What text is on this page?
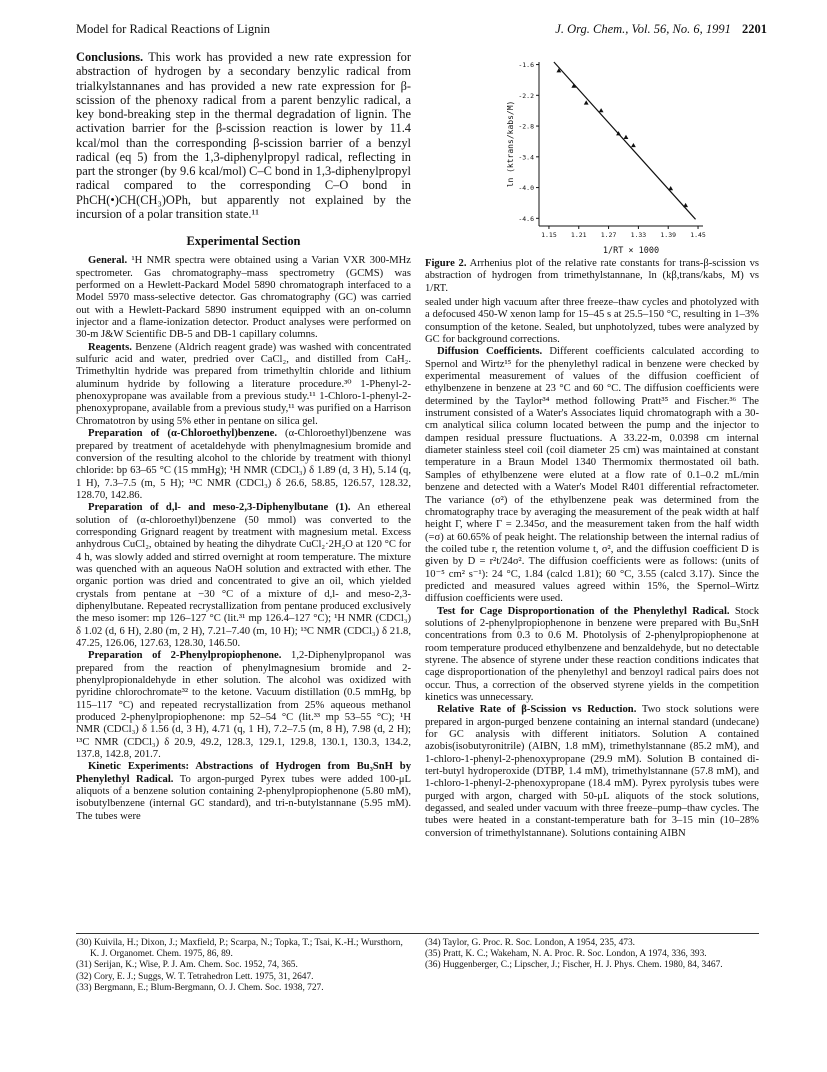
Model for Radical Reactions of Lignin	J. Org. Chem., Vol. 56, No. 6, 1991 2201

Conclusions. This work has provided a new rate expression for abstraction of hydrogen by a secondary benzylic radical from trialkylstannanes and has provided a new rate expression for β-scission of the phenoxy radical from a parent benzylic radical, a key bond-breaking step in the thermal degradation of lignin. The activation barrier for the β-scission reaction is lower by 11.4 kcal/mol than the corresponding β-scission barrier of a benzyl radical (eq 5) from the 1,3-diphenylpropyl radical, reflecting in part the stronger (by 9.6 kcal/mol) C–C bond in 1,3-diphenylpropyl radical compared to the corresponding C–O bond in PhCH(•)CH(CH₃)OPh, but apparently not explained by the incursion of a polar transition state.¹¹

Experimental Section

General. ¹H NMR spectra were obtained using a Varian VXR 300-MHz spectrometer. Gas chromatography–mass spectrometry (GCMS) was performed on a Hewlett-Packard Model 5890 chromatograph interfaced to a Model 5970 mass-selective detector. Gas chromatography (GC) was carried out with a Hewlett-Packard 5890 instrument equipped with an on-column injector and a flame-ionization detector. Product analyses were performed on 30-m J&W Scientific DB-5 and DB-1 capillary columns.

Reagents. Benzene (Aldrich reagent grade) was washed with concentrated sulfuric acid and water, predried over CaCl₂, and distilled from CaH₂. Trimethyltin hydride was prepared from trimethyltin chloride and lithium aluminum hydride by following a literature procedure.³⁰ 1-Phenyl-2-phenoxypropane was available from a previous study.¹¹ 1-Chloro-1-phenyl-2-phenoxypropane, available from a previous study,¹¹ was purified on a Harrison Chromatotron by using 5% ether in pentane on silica gel.

Preparation of (α-Chloroethyl)benzene. (α-Chloroethyl)benzene was prepared by treatment of acetaldehyde with phenylmagnesium bromide and conversion of the resulting alcohol to the chloride by treatment with thionyl chloride: bp 63–65 °C (15 mmHg); ¹H NMR (CDCl₃) δ 1.89 (d, 3 H), 5.14 (q, 1 H), 7.3–7.5 (m, 5 H); ¹³C NMR (CDCl₃) δ 26.6, 58.85, 126.57, 128.32, 128.70, 142.86.

Preparation of d,l- and meso-2,3-Diphenylbutane (1). An ethereal solution of (α-chloroethyl)benzene (50 mmol) was converted to the corresponding Grignard reagent by treatment with magnesium metal. Excess anhydrous CuCl₂, obtained by heating the dihydrate CuCl₂·2H₂O at 120 °C for 4 h, was slowly added and stirred overnight at room temperature. The mixture was quenched with an aqueous NaOH solution and extracted with ether. The organic portion was dried and concentrated to give an oil, which yielded crystals from pentane at −30 °C of a mixture of d,l- and meso-2,3-diphenylbutane. Repeated recrystallization from pentane produced exclusively the meso isomer: mp 126–127 °C (lit.³¹ mp 126.4–127 °C); ¹H NMR (CDCl₃) δ 1.02 (d, 6 H), 2.80 (m, 2 H), 7.21–7.40 (m, 10 H); ¹³C NMR (CDCl₃) δ 21.8, 47.25, 126.06, 127.63, 128.30, 146.50.

Preparation of 2-Phenylpropiophenone. 1,2-Diphenylpropanol was prepared from the reaction of phenylmagnesium bromide and 2-phenylpropionaldehyde in ether solution. The alcohol was oxidized with pyridine chlorochromate³² to the ketone. Vacuum distillation (0.5 mmHg, bp 115–117 °C) and repeated recrystallization from 25% aqueous methanol produced 2-phenylpropiophenone: mp 52–54 °C (lit.³³ mp 53–55 °C); ¹H NMR (CDCl₃) δ 1.56 (d, 3 H), 4.71 (q, 1 H), 7.2–7.5 (m, 8 H), 7.98 (d, 2 H); ¹³C NMR (CDCl₃) δ 20.9, 49.2, 128.3, 129.1, 129.8, 130.1, 130.3, 134.2, 137.8, 142.8, 201.7.

Kinetic Experiments: Abstractions of Hydrogen from Bu₃SnH by Phenylethyl Radical. To argon-purged Pyrex tubes were added 100-μL aliquots of a benzene solution containing 2-phenylpropiophenone (5.80 mM), isobutylbenzene (internal GC standard), and tri-n-butylstannane (5.95 mM). The tubes were

-1.6
-2.2
-2.8
-3.4
-4.0
-4.6
1.15 1.21 1.27 1.33 1.39 1.45
1/RT × 1000
ln (ktrans/kabs/M)
Figure 2. Arrhenius plot of the relative rate constants for trans-β-scission vs abstraction of hydrogen from trimethylstannane, ln (kβ,trans/kabs, M) vs 1/RT.

sealed under high vacuum after three freeze–thaw cycles and photolyzed with a defocused 450-W xenon lamp for 15–45 s at 25.5–150 °C, resulting in 1–3% consumption of the ketone. Sealed, but unphotolyzed, tubes were analyzed by GC for background corrections.

Diffusion Coefficients. Different coefficients calculated according to Spernol and Wirtz¹⁵ for the phenylethyl radical in benzene were checked by experimental measurement of values of the diffusion coefficient of ethylbenzene in benzene at 23 °C and 60 °C. The diffusion coefficients were determined by the Taylor³⁴ method following Pratt³⁵ and Fischer.³⁶ The instrument consisted of a Water's Associates liquid chromatograph with a 30-cm analytical silica column located between the pump and the injector to dampen residual pressure fluctuations. A 33.22-m, 0.0398 cm internal diameter stainless steel coil (coil diameter 25 cm) was maintained at constant temperature in a Braun Model 1340 Thermomix thermostated oil bath. Samples of ethylbenzene were eluted at a flow rate of 0.1–0.2 mL/min benzene and detected with a Water's Model R401 differential refractometer. The variance (σ²) of the ethylbenzene peak was determined from the chromatography trace by averaging the measurement of the peak width at half height Γ, where Γ = 2.345σ, and the measurement taken from the half width (=σ) at 60.65% of peak height. The relationship between the internal radius of the coiled tube r, the retention volume t, σ², and the diffusion coefficient D is given by D = r²t/24σ². The diffusion coefficients were as follows: (units of 10⁻⁵ cm² s⁻¹): 24 °C, 1.84 (calcd 1.81); 60 °C, 3.55 (calcd 3.17). Since the predicted and measured values agreed within 15%, the Spernol–Wirtz diffusion coefficients were used.

Test for Cage Disproportionation of the Phenylethyl Radical. Stock solutions of 2-phenylpropiophenone in benzene were prepared with Bu₃SnH concentrations from 0.3 to 0.6 M. Photolysis of 2-phenylpropiophenone at room temperature produced ethylbenzene and benzaldehyde, but no detectable styrene. The absence of styrene under these reaction conditions indicates that cage disproportionation of the phenylethyl and benzoyl radical pairs does not occur. Thus, a correction of the observed styrene yields in the competition kinetics was unnecessary.

Relative Rate of β-Scission vs Reduction. Two stock solutions were prepared in argon-purged benzene containing an internal standard (undecane) for GC analysis with different initiators. Solution A contained azobis(isobutyronitrile) (AIBN, 1.8 mM), trimethylstannane (85.2 mM), and 1-chloro-1-phenyl-2-phenoxypropane (29.9 mM). Solution B contained di-tert-butyl hydroperoxide (DTBP, 1.4 mM), trimethylstannane (57.8 mM), and 1-chloro-1-phenyl-2-phenoxypropane (18.4 mM). Pyrex pyrolysis tubes were purged with argon, charged with 50-μL aliquots of the stock solutions, degassed, and sealed under vacuum with three freeze–pump–thaw cycles. The tubes were heated in a constant-temperature bath for 3–15 min (10–28% conversion of trimethylstannane). Solutions containing AIBN

(30) Kuivila, H.; Dixon, J.; Maxfield, P.; Scarpa, N.; Topka, T.; Tsai, K.-H.; Wursthorn, K. J. Organomet. Chem. 1975, 86, 89.
(31) Serijan, K.; Wise, P. J. Am. Chem. Soc. 1952, 74, 365.
(32) Cory, E. J.; Suggs, W. T. Tetrahedron Lett. 1975, 31, 2647.
(33) Bergmann, E.; Blum-Bergmann, O. J. Chem. Soc. 1938, 727.
(34) Taylor, G. Proc. R. Soc. London, A 1954, 235, 473.
(35) Pratt, K. C.; Wakeham, N. A. Proc. R. Soc. London, A 1974, 336, 393.
(36) Huggenberger, C.; Lipscher, J.; Fischer, H. J. Phys. Chem. 1980, 84, 3467.
